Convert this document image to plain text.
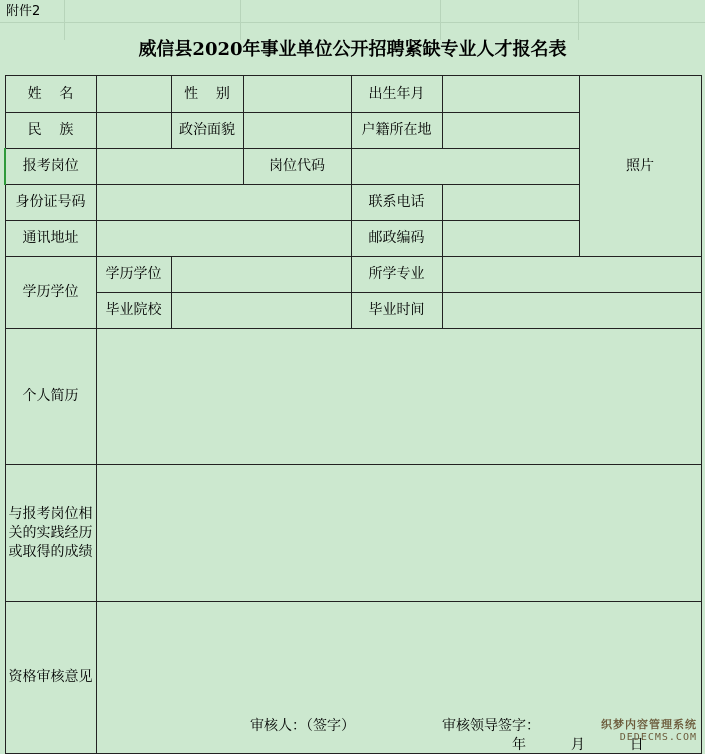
附件2
威信县2020年事业单位公开招聘紧缺专业人才报名表
姓    名		性    别		出生年月		照片
民    族		政治面貌		户籍所在地		
报考岗位			岗位代码			
身份证号码				联系电话		
通讯地址				邮政编码		
学历学位	学历学位			所学专业		
	毕业院校			毕业时间		
个人简历						
与报考岗位相关的实践经历或取得的成绩						
资格审核意见						
审核人：（签字）	审核领导签字：
年  月  日
织梦内容管理系统
DEDECMS.COM
